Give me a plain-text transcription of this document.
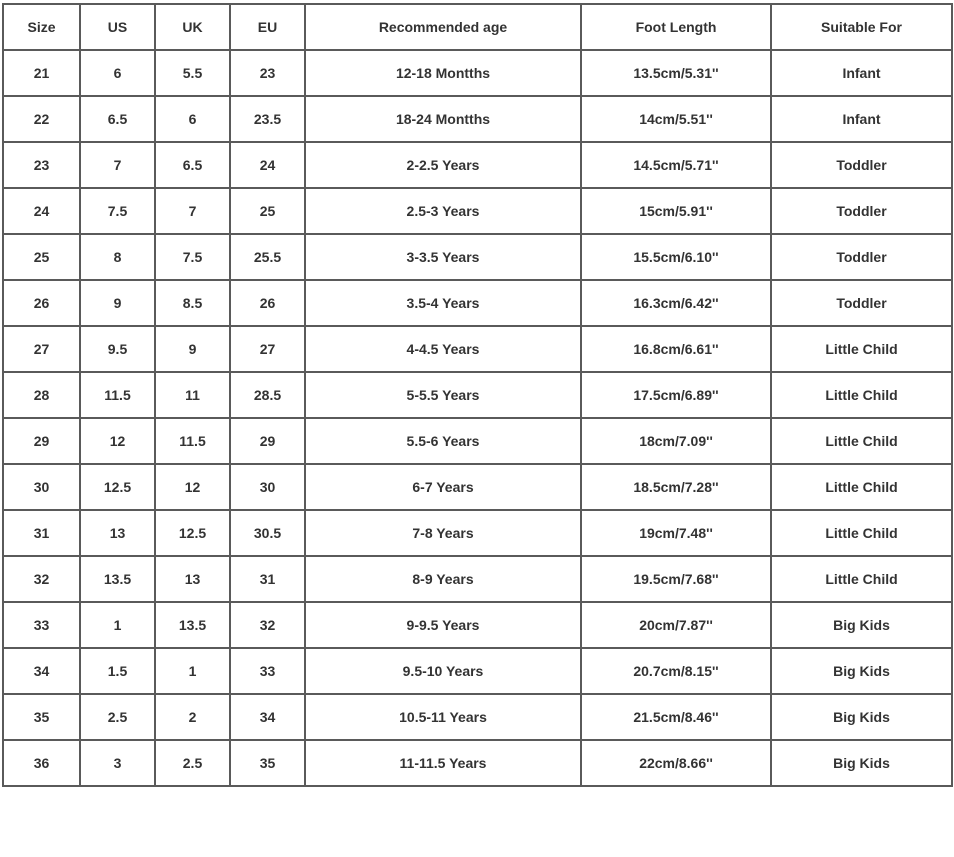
Size	US	UK	EU	Recommended age	Foot Length	Suitable For
21	6	5.5	23	12-18 Montths	13.5cm/5.31''	Infant
22	6.5	6	23.5	18-24 Montths	14cm/5.51''	Infant
23	7	6.5	24	2-2.5 Years	14.5cm/5.71''	Toddler
24	7.5	7	25	2.5-3 Years	15cm/5.91''	Toddler
25	8	7.5	25.5	3-3.5 Years	15.5cm/6.10''	Toddler
26	9	8.5	26	3.5-4 Years	16.3cm/6.42''	Toddler
27	9.5	9	27	4-4.5 Years	16.8cm/6.61''	Little Child
28	11.5	11	28.5	5-5.5 Years	17.5cm/6.89''	Little Child
29	12	11.5	29	5.5-6 Years	18cm/7.09''	Little Child
30	12.5	12	30	6-7 Years	18.5cm/7.28''	Little Child
31	13	12.5	30.5	7-8 Years	19cm/7.48''	Little Child
32	13.5	13	31	8-9 Years	19.5cm/7.68''	Little Child
33	1	13.5	32	9-9.5 Years	20cm/7.87''	Big Kids
34	1.5	1	33	9.5-10 Years	20.7cm/8.15''	Big Kids
35	2.5	2	34	10.5-11 Years	21.5cm/8.46''	Big Kids
36	3	2.5	35	11-11.5 Years	22cm/8.66''	Big Kids
